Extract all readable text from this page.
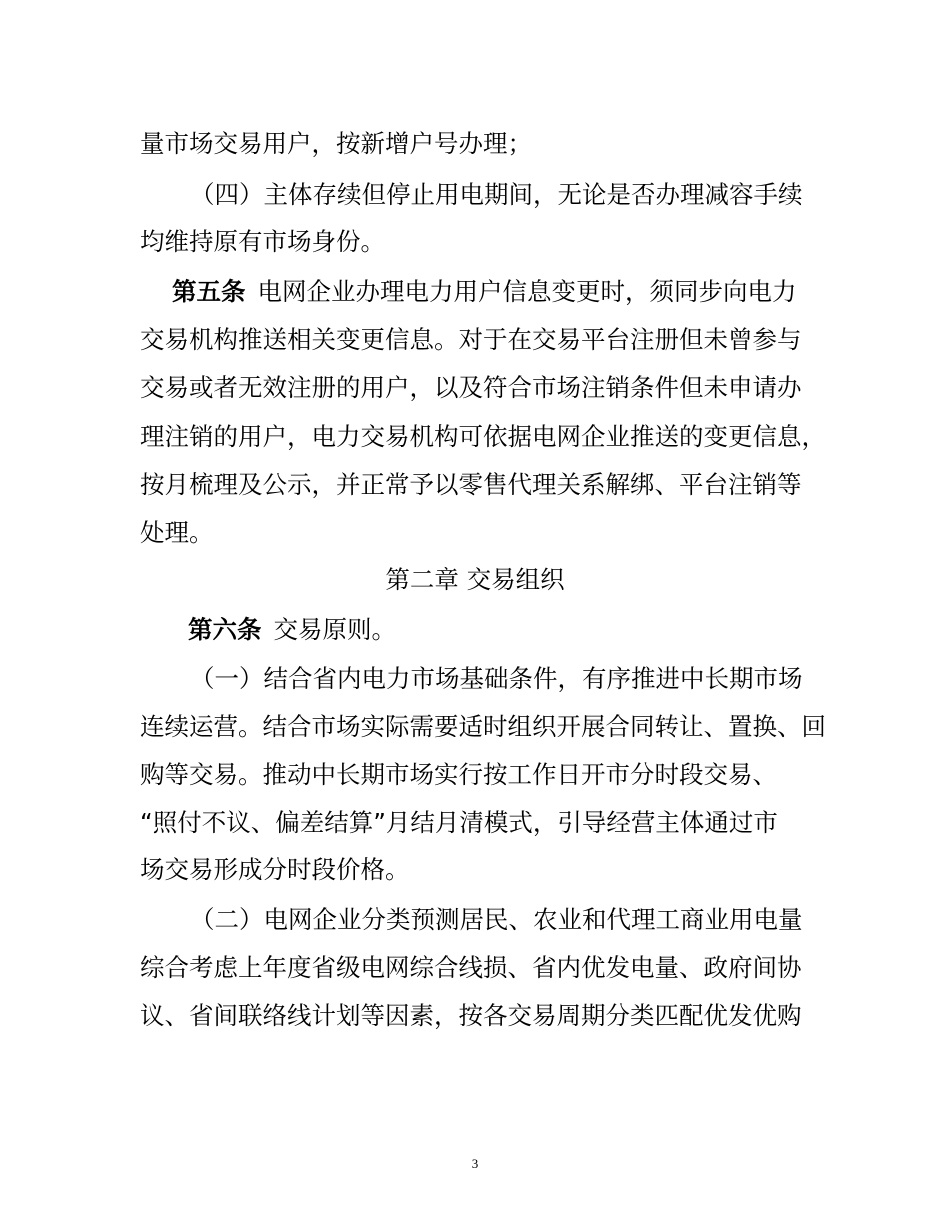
量市场交易用户，按新增户号办理；

（四）主体存续但停止用电期间，无论是否办理减容手续

均维持原有市场身份。

第五条 电网企业办理电力用户信息变更时，须同步向电力

交易机构推送相关变更信息。对于在交易平台注册但未曾参与

交易或者无效注册的用户，以及符合市场注销条件但未申请办

理注销的用户，电力交易机构可依据电网企业推送的变更信息，

按月梳理及公示，并正常予以零售代理关系解绑、平台注销等

处理。

第二章 交易组织

第六条 交易原则。

（一）结合省内电力市场基础条件，有序推进中长期市场

连续运营。结合市场实际需要适时组织开展合同转让、置换、回

购等交易。推动中长期市场实行按工作日开市分时段交易、

“照付不议、偏差结算”月结月清模式，引导经营主体通过市

场交易形成分时段价格。

（二）电网企业分类预测居民、农业和代理工商业用电量

综合考虑上年度省级电网综合线损、省内优发电量、政府间协

议、省间联络线计划等因素，按各交易周期分类匹配优发优购

3
